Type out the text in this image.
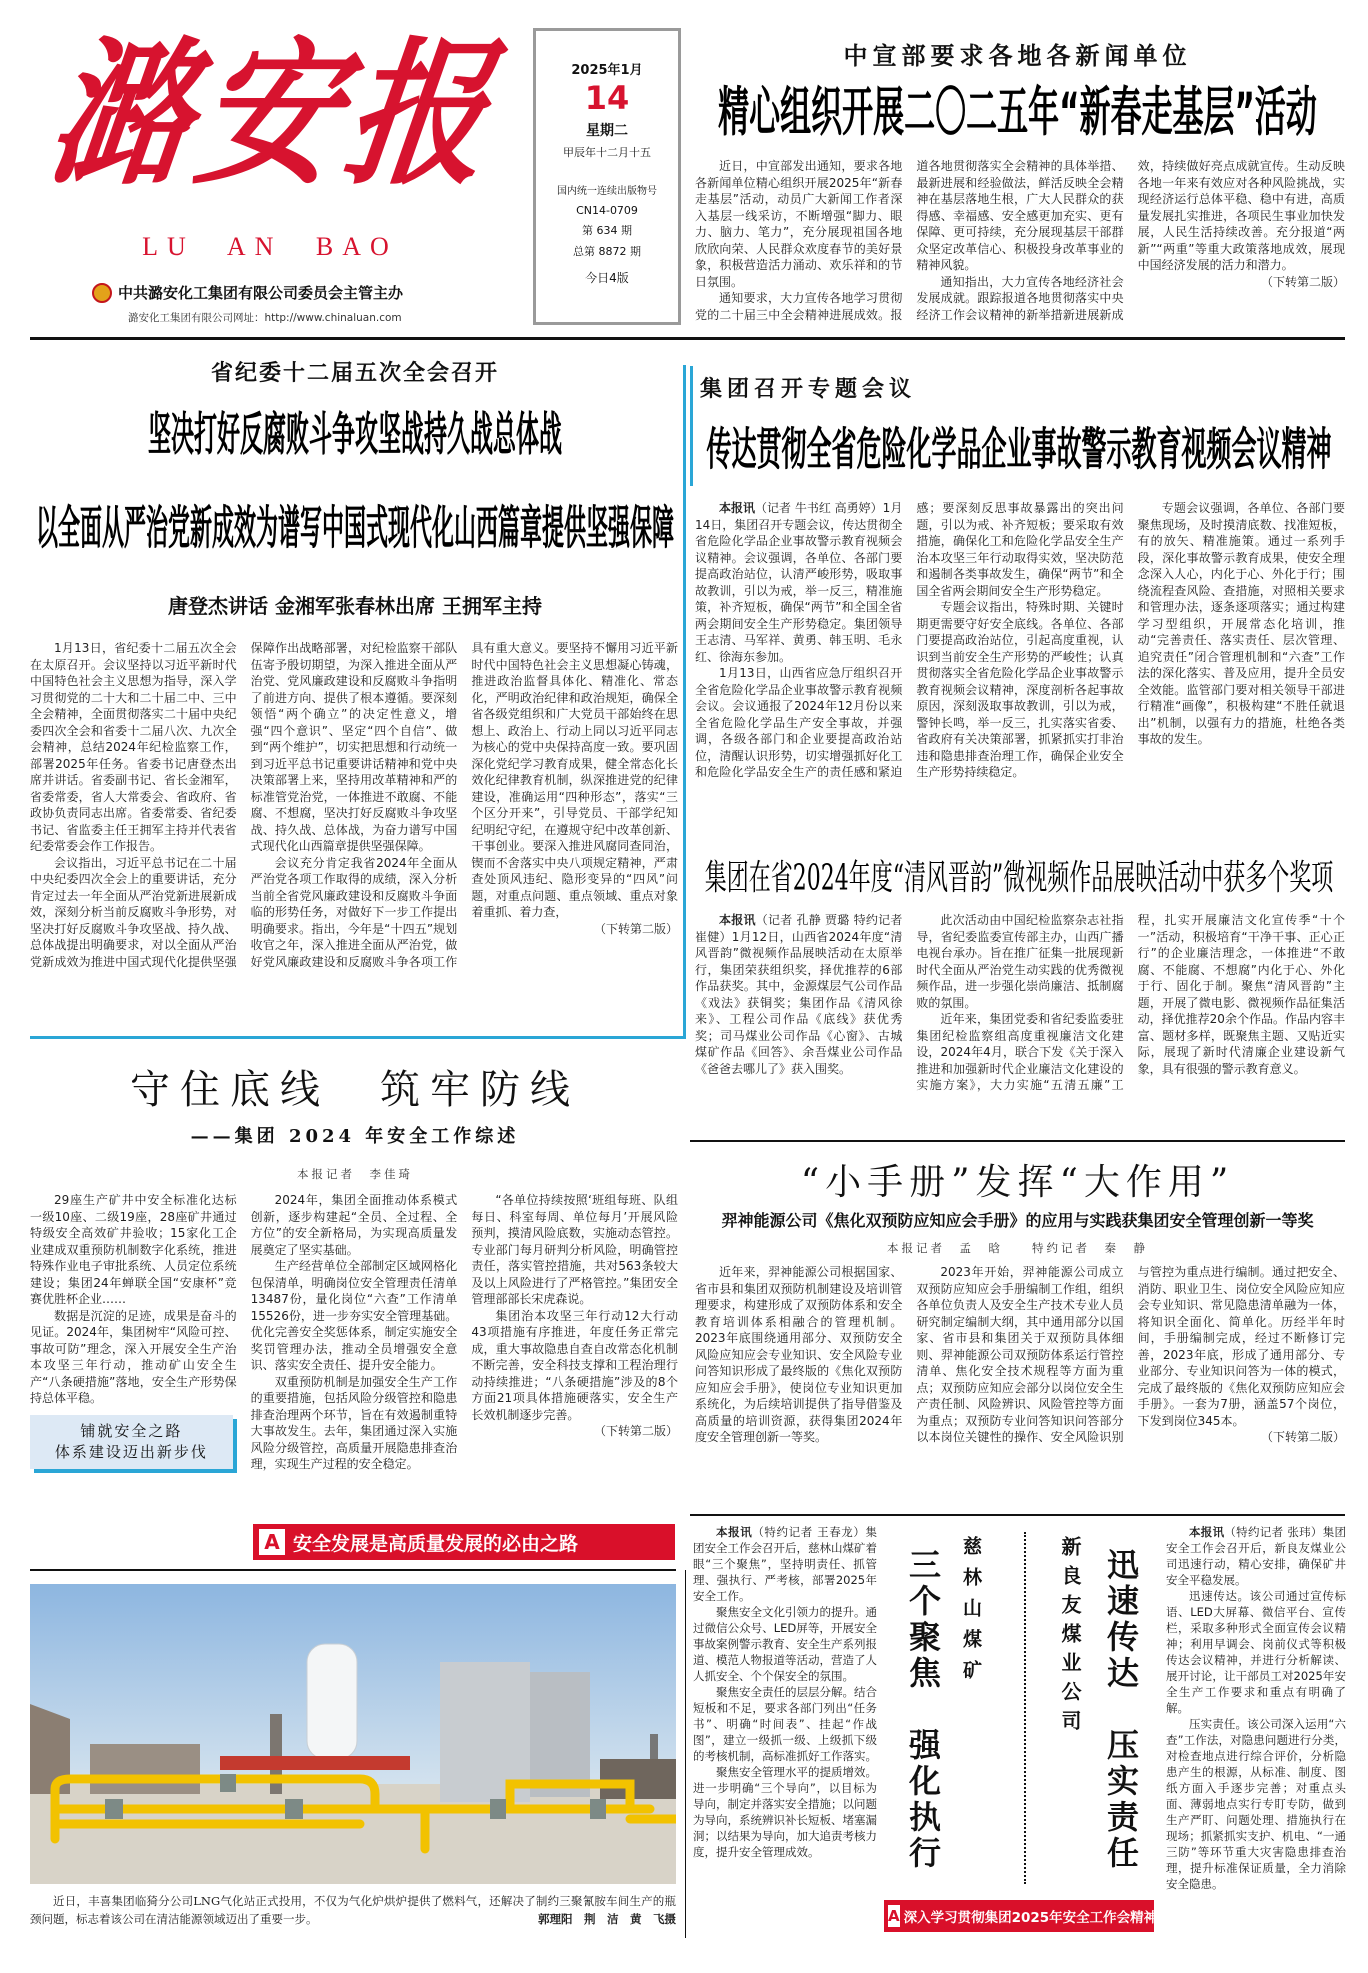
潞安报
LU AN BAO
中共潞安化工集团有限公司委员会主管主办
潞安化工集团有限公司网址：http://www.chinaluan.com
2025年1月
14
星期二
甲辰年十二月十五
国内统一连续出版物号
CN14-0709
第 634 期
总第 8872 期
今日4版
中宣部要求各地各新闻单位
精心组织开展二〇二五年“新春走基层”活动

近日，中宣部发出通知，要求各地各新闻单位精心组织开展2025年“新春走基层”活动，动员广大新闻工作者深入基层一线采访，不断增强“脚力、眼力、脑力、笔力”，充分展现祖国各地欣欣向荣、人民群众欢度春节的美好景象，积极营造活力涌动、欢乐祥和的节日氛围。

通知要求，大力宣传各地学习贯彻党的二十届三中全会精神进展成效。报道各地贯彻落实全会精神的具体举措、最新进展和经验做法，鲜活反映全会精神在基层落地生根，广大人民群众的获得感、幸福感、安全感更加充实、更有保障、更可持续，充分展现基层干部群众坚定改革信心、积极投身改革事业的精神风貌。

通知指出，大力宣传各地经济社会发展成就。跟踪报道各地贯彻落实中央经济工作会议精神的新举措新进展新成效，持续做好亮点成就宣传。生动反映各地一年来有效应对各种风险挑战，实现经济运行总体平稳、稳中有进，高质量发展扎实推进，各项民生事业加快发展，人民生活持续改善。充分报道“两新”“两重”等重大政策落地成效，展现中国经济发展的活力和潜力。

（下转第二版）
省纪委十二届五次全会召开
坚决打好反腐败斗争攻坚战持久战总体战
以全面从严治党新成效为谱写中国式现代化山西篇章提供坚强保障
唐登杰讲话 金湘军张春林出席 王拥军主持

1月13日，省纪委十二届五次全会在太原召开。会议坚持以习近平新时代中国特色社会主义思想为指导，深入学习贯彻党的二十大和二十届二中、三中全会精神，全面贯彻落实二十届中央纪委四次全会和省委十二届八次、九次全会精神，总结2024年纪检监察工作，部署2025年任务。省委书记唐登杰出席并讲话。省委副书记、省长金湘军，省委常委，省人大常委会、省政府、省政协负责同志出席。省委常委、省纪委书记、省监委主任王拥军主持并代表省纪委常委会作工作报告。

会议指出，习近平总书记在二十届中央纪委四次全会上的重要讲话，充分肯定过去一年全面从严治党新进展新成效，深刻分析当前反腐败斗争形势，对坚决打好反腐败斗争攻坚战、持久战、总体战提出明确要求，对以全面从严治党新成效为推进中国式现代化提供坚强保障作出战略部署，对纪检监察干部队伍寄予殷切期望，为深入推进全面从严治党、党风廉政建设和反腐败斗争指明了前进方向、提供了根本遵循。要深刻领悟“两个确立”的决定性意义，增强“四个意识”、坚定“四个自信”、做到“两个维护”，切实把思想和行动统一到习近平总书记重要讲话精神和党中央决策部署上来，坚持用改革精神和严的标准管党治党，一体推进不敢腐、不能腐、不想腐，坚决打好反腐败斗争攻坚战、持久战、总体战，为奋力谱写中国式现代化山西篇章提供坚强保障。

会议充分肯定我省2024年全面从严治党各项工作取得的成绩，深入分析当前全省党风廉政建设和反腐败斗争面临的形势任务，对做好下一步工作提出明确要求。指出，今年是“十四五”规划收官之年，深入推进全面从严治党，做好党风廉政建设和反腐败斗争各项工作具有重大意义。要坚持不懈用习近平新时代中国特色社会主义思想凝心铸魂，推进政治监督具体化、精准化、常态化，严明政治纪律和政治规矩，确保全省各级党组织和广大党员干部始终在思想上、政治上、行动上同以习近平同志为核心的党中央保持高度一致。要巩固深化党纪学习教育成果，健全常态化长效化纪律教育机制，纵深推进党的纪律建设，准确运用“四种形态”，落实“三个区分开来”，引导党员、干部学纪知纪明纪守纪，在遵规守纪中改革创新、干事创业。要深入推进风腐同查同治，锲而不舍落实中央八项规定精神，严肃查处顶风违纪、隐形变异的“四风”问题，对重点问题、重点领域、重点对象着重抓、着力查，

（下转第二版）
集团召开专题会议
传达贯彻全省危险化学品企业事故警示教育视频会议精神

本报讯（记者 牛书红 高勇婷）1月14日，集团召开专题会议，传达贯彻全省危险化学品企业事故警示教育视频会议精神。会议强调，各单位、各部门要提高政治站位，认清严峻形势，吸取事故教训，引以为戒，举一反三，精准施策，补齐短板，确保“两节”和全国全省两会期间安全生产形势稳定。集团领导王志清、马军祥、黄勇、韩玉明、毛永红、徐海东参加。

1月13日，山西省应急厅组织召开全省危险化学品企业事故警示教育视频会议。会议通报了2024年12月份以来全省危险化学品生产安全事故，并强调，各级各部门和企业要提高政治站位，清醒认识形势，切实增强抓好化工和危险化学品安全生产的责任感和紧迫感；要深刻反思事故暴露出的突出问题，引以为戒、补齐短板；要采取有效措施，确保化工和危险化学品安全生产治本攻坚三年行动取得实效，坚决防范和遏制各类事故发生，确保“两节”和全国全省两会期间安全生产形势稳定。

专题会议指出，特殊时期、关键时期更需要守好安全底线。各单位、各部门要提高政治站位，引起高度重视，认识到当前安全生产形势的严峻性；认真贯彻落实全省危险化学品企业事故警示教育视频会议精神，深度剖析各起事故原因，深刻汲取事故教训，引以为戒，警钟长鸣，举一反三，扎实落实省委、省政府有关决策部署，抓紧抓实打非治违和隐患排查治理工作，确保企业安全生产形势持续稳定。

专题会议强调，各单位、各部门要聚焦现场，及时摸清底数、找准短板，有的放矢、精准施策。通过一系列手段，深化事故警示教育成果，使安全理念深入人心，内化于心、外化于行；围绕流程查风险、查措施，对照相关要求和管理办法，逐条逐项落实；通过构建学习型组织，开展常态化培训，推动“完善责任、落实责任、层次管理、追究责任”闭合管理机制和“六查”工作法的深化落实、普及应用，提升全员安全效能。监管部门要对相关领导干部进行精准“画像”，积极构建“不胜任就退出”机制，以强有力的措施，杜绝各类事故的发生。

集团在省2024年度“清风晋韵”微视频作品展映活动中获多个奖项

本报讯（记者 孔静 贾璐 特约记者 崔健）1月12日，山西省2024年度“清风晋韵”微视频作品展映活动在太原举行，集团荣获组织奖，择优推荐的6部作品获奖。其中，金源煤层气公司作品《戏法》获铜奖；集团作品《清风徐来》、工程公司作品《底线》获优秀奖；司马煤业公司作品《心窗》、古城煤矿作品《回答》、余吾煤业公司作品《爸爸去哪儿了》获入围奖。

此次活动由中国纪检监察杂志社指导，省纪委监委宣传部主办，山西广播电视台承办。旨在推广征集一批展现新时代全面从严治党生动实践的优秀微视频作品，进一步强化崇尚廉洁、抵制腐败的氛围。

近年来，集团党委和省纪委监委驻集团纪检监察组高度重视廉洁文化建设，2024年4月，联合下发《关于深入推进和加强新时代企业廉洁文化建设的实施方案》，大力实施“五清五廉”工程，扎实开展廉洁文化宣传季“十个一”活动，积极培育“干净干事、正心正行”的企业廉洁理念，一体推进“不敢腐、不能腐、不想腐”内化于心、外化于行、固化于制。聚焦“清风晋韵”主题，开展了微电影、微视频作品征集活动，择优推荐20余个作品。作品内容丰富、题材多样，既聚焦主题、又贴近实际，展现了新时代清廉企业建设新气象，具有很强的警示教育意义。

守住底线　筑牢防线
——集团 2024 年安全工作综述
本报记者　李佳琦

29座生产矿井中安全标准化达标一级10座、二级19座，28座矿井通过特级安全高效矿井验收；15家化工企业建成双重预防机制数字化系统，推进特殊作业电子审批系统、人员定位系统建设；集团24年蝉联全国“安康杯”竞赛优胜杯企业……

数据是沉淀的足迹，成果是奋斗的见证。2024年，集团树牢“风险可控、事故可防”理念，深入开展安全生产治本攻坚三年行动，推动矿山安全生产“八条硬措施”落地，安全生产形势保持总体平稳。

铺就安全之路
体系建设迈出新步伐

2024年，集团全面推动体系模式创新，逐步构建起“全员、全过程、全方位”的安全新格局，为实现高质量发展奠定了坚实基础。

生产经营单位全部制定区域网格化包保清单，明确岗位安全管理责任清单13487份，量化岗位“六查”工作清单15526份，进一步夯实安全管理基础。优化完善安全奖惩体系，制定实施安全奖罚管理办法，推动全员增强安全意识、落实安全责任、提升安全能力。

双重预防机制是加强安全生产工作的重要措施，包括风险分级管控和隐患排查治理两个环节，旨在有效遏制重特大事故发生。去年，集团通过深入实施风险分级管控，高质量开展隐患排查治理，实现生产过程的安全稳定。

“各单位持续按照‘班组每班、队组每日、科室每周、单位每月’开展风险预判，摸清风险底数，实施动态管控。专业部门每月研判分析风险，明确管控责任，落实管控措施，共对563条较大及以上风险进行了严格管控。”集团安全管理部部长宋虎森说。

集团治本攻坚三年行动12大行动43项措施有序推进，年度任务正常完成，重大事故隐患自查自改常态化机制不断完善，安全科技支撑和工程治理行动持续推进；“八条硬措施”涉及的8个方面21项具体措施硬落实，安全生产长效机制逐步完善。

（下转第二版）
A 安全发展是高质量发展的必由之路
“小手册”发挥“大作用”
羿神能源公司《焦化双预防应知应会手册》的应用与实践获集团安全管理创新一等奖
本报记者　孟　晗　　特约记者　秦　静

近年来，羿神能源公司根据国家、省市县和集团双预防机制建设及培训管理要求，构建形成了双预防体系和安全教育培训体系相融合的管理机制。2023年底围绕通用部分、双预防安全风险应知应会专业知识、安全风险专业问答知识形成了最终版的《焦化双预防应知应会手册》，使岗位专业知识更加系统化，为后续培训提供了指导借鉴及高质量的培训资源，获得集团2024年度安全管理创新一等奖。

2023年开始，羿神能源公司成立双预防应知应会手册编制工作组，组织各单位负责人及安全生产技术专业人员研究制定编制大纲，其中通用部分以国家、省市县和集团关于双预防具体细则、羿神能源公司双预防体系运行管控清单、焦化安全技术规程等方面为重点；双预防应知应会部分以岗位安全生产责任制、风险辨识、风险管控等方面为重点；双预防专业问答知识问答部分以本岗位关键性的操作、安全风险识别与管控为重点进行编制。通过把安全、消防、职业卫生、岗位安全风险应知应会专业知识、常见隐患清单融为一体，将知识全面化、简单化。历经半年时间，手册编制完成，经过不断修订完善，2023年底，形成了通用部分、专业部分、专业知识问答为一体的模式，完成了最终版的《焦化双预防应知应会手册》。一套为7册，涵盖57个岗位，下发到岗位345本。

（下转第二版）
近日，丰喜集团临猗分公司LNG气化站正式投用，不仅为气化炉烘炉提供了燃料气，还解决了制约三聚氰胺车间生产的瓶颈问题，标志着该公司在清洁能源领域迈出了重要一步。	郭理阳　荆　洁　黄　飞摄

本报讯（特约记者 王春龙）集团安全工作会召开后，慈林山煤矿着眼“三个聚焦”，坚持明责任、抓管理、强执行、严考核，部署2025年安全工作。

聚焦安全文化引领力的提升。通过微信公众号、LED屏等，开展安全事故案例警示教育、安全生产系列报道、模范人物报道等活动，营造了人人抓安全、个个保安全的氛围。

聚焦安全责任的层层分解。结合短板和不足，要求各部门列出“任务书”、明确“时间表”、挂起“作战图”，建立一级抓一级、上级抓下级的考核机制，高标准抓好工作落实。

聚焦安全管理水平的提质增效。进一步明确“三个导向”，以目标为导向，制定并落实安全措施；以问题为导向，系统辨识补长短板、堵塞漏洞；以结果为导向，加大追责考核力度，提升安全管理成效。	三个聚焦　强化执行 慈林山煤矿	新良友煤业公司 迅速传达　压实责任

本报讯（特约记者 张玮）集团安全工作会召开后，新良友煤业公司迅速行动，精心安排，确保矿井安全平稳发展。

迅速传达。该公司通过宣传标语、LED大屏幕、微信平台、宣传栏，采取多种形式全面宣传会议精神；利用早调会、岗前仪式等积极传达会议精神，并进行分析解读、展开讨论，让干部员工对2025年安全生产工作要求和重点有明确了解。

压实责任。该公司深入运用“六查”工作法，对隐患问题进行分类，对检查地点进行综合评价，分析隐患产生的根源，从标准、制度、图纸方面入手逐步完善；对重点头面、薄弱地点实行专盯专防，做到生产严盯、问题处理、措施执行在现场；抓紧抓实支护、机电、“一通三防”等环节重大灾害隐患排查治理，提升标准保证质量，全力消除安全隐患。

A 深入学习贯彻集团2025年安全工作会精神
